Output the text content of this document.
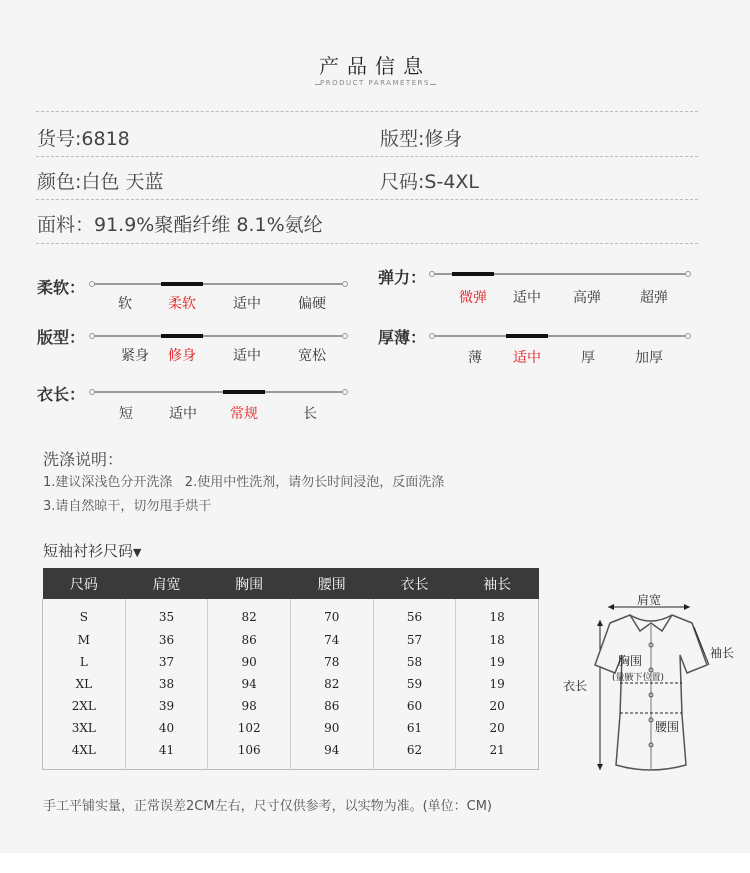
产品信息
PRODUCT PARAMETERS
货号:6818	版型:修身
颜色:白色 天蓝	尺码:S-4XL
面料：91.9%聚酯纤维 8.1%氨纶
柔软：
软	柔软	适中	偏硬
弹力：
微弹	适中	高弹	超弹
版型：
紧身	修身	适中	宽松
厚薄：
薄	适中	厚	加厚
衣长：
短	适中	常规	长
洗涤说明：
1.建议深浅色分开洗涤   2.使用中性洗剂，请勿长时间浸泡，反面洗涤
3.请自然晾干，切勿甩手烘干
短袖衬衫尺码▼
尺码	肩宽	胸围	腰围	衣长	袖长
S	35	82	70	56	18
M	36	86	74	57	18
L	37	90	78	58	19
XL	38	94	82	59	19
2XL	39	98	86	60	20
3XL	40	102	90	61	20
4XL	41	106	94	62	21
肩宽
袖长
衣长
胸围
(量腋下位置)
腰围
手工平铺实量，正常误差2CM左右，尺寸仅供参考，以实物为准。(单位：CM)
